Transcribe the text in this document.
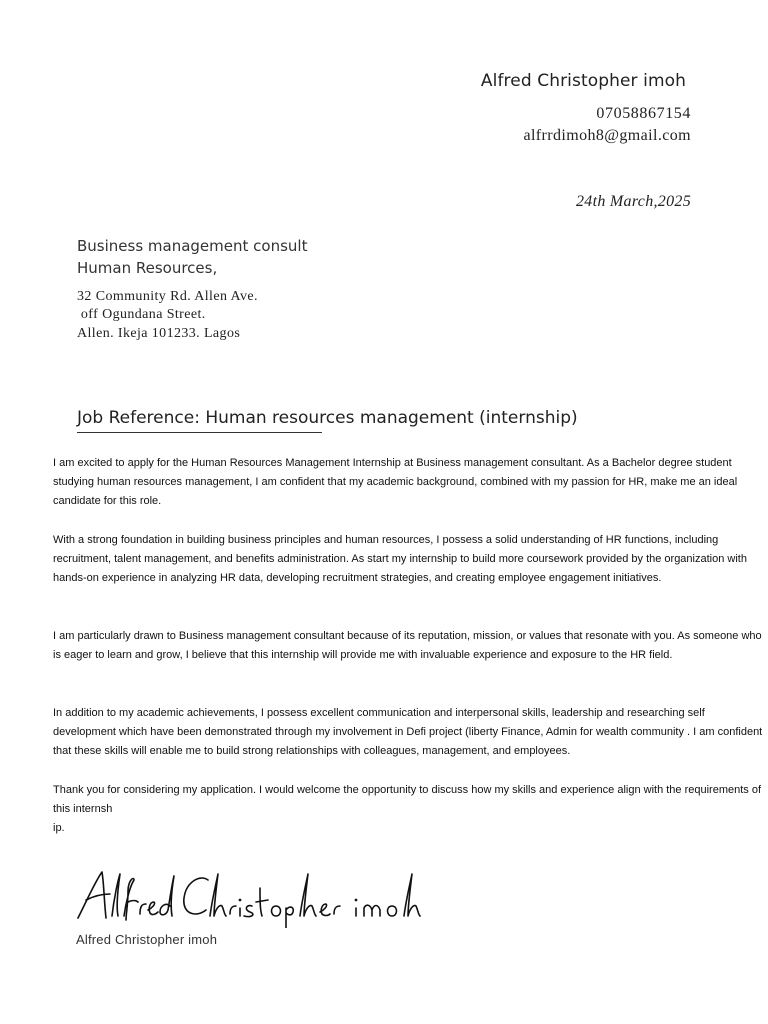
Alfred Christopher imoh
07058867154
alfrrdimoh8@gmail.com
24th March,2025
Business management consult
Human Resources,
32 Community Rd. Allen Ave.
off Ogundana Street.
Allen. Ikeja 101233. Lagos
Job Reference: Human resources management (internship)
I am excited to apply for the Human Resources Management Internship at Business management consultant. As a Bachelor degree student studying human resources management, I am confident that my academic background, combined with my passion for HR, make me an ideal candidate for this role.
With a strong foundation in building business principles and human resources, I possess a solid understanding of HR functions, including recruitment, talent management, and benefits administration. As start my internship to build more coursework provided by the organization with hands-on experience in analyzing HR data, developing recruitment strategies, and creating employee engagement initiatives.
I am particularly drawn to Business management consultant because of its reputation, mission, or values that resonate with you. As someone who is eager to learn and grow, I believe that this internship will provide me with invaluable experience and exposure to the HR field.
In addition to my academic achievements, I possess excellent communication and interpersonal skills, leadership and researching self development which have been demonstrated through my involvement in Defi project (liberty Finance, Admin for wealth community . I am confident that these skills will enable me to build strong relationships with colleagues, management, and employees.
Thank you for considering my application. I would welcome the opportunity to discuss how my skills and experience align with the requirements of this internsh
ip.
Alfred Christopher imoh
